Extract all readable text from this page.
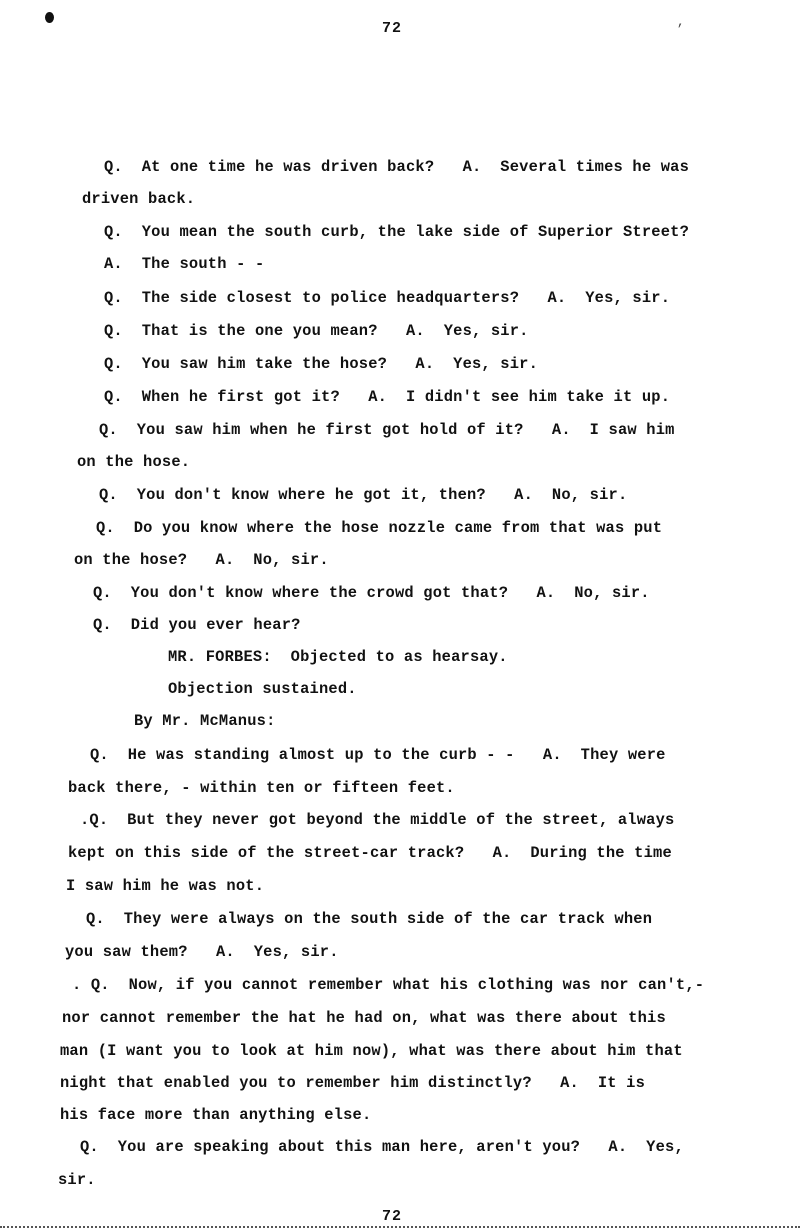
72	’
Q.  At one time he was driven back?   A.  Several times he was
driven back.
Q.  You mean the south curb, the lake side of Superior Street?
A.  The south - -
Q.  The side closest to police headquarters?   A.  Yes, sir.
Q.  That is the one you mean?   A.  Yes, sir.
Q.  You saw him take the hose?   A.  Yes, sir.
Q.  When he first got it?   A.  I didn't see him take it up.
Q.  You saw him when he first got hold of it?   A.  I saw him
on the hose.
Q.  You don't know where he got it, then?   A.  No, sir.
Q.  Do you know where the hose nozzle came from that was put
on the hose?   A.  No, sir.
Q.  You don't know where the crowd got that?   A.  No, sir.
Q.  Did you ever hear?
MR. FORBES:  Objected to as hearsay.
Objection sustained.
By Mr. McManus:
Q.  He was standing almost up to the curb - -   A.  They were
back there, - within ten or fifteen feet.
.Q.  But they never got beyond the middle of the street, always
kept on this side of the street-car track?   A.  During the time
I saw him he was not.
Q.  They were always on the south side of the car track when
you saw them?   A.  Yes, sir.
. Q.  Now, if you cannot remember what his clothing was nor can't,-
nor cannot remember the hat he had on, what was there about this
man (I want you to look at him now), what was there about him that
night that enabled you to remember him distinctly?   A.  It is
his face more than anything else.
Q.  You are speaking about this man here, aren't you?   A.  Yes,
sir.
72
